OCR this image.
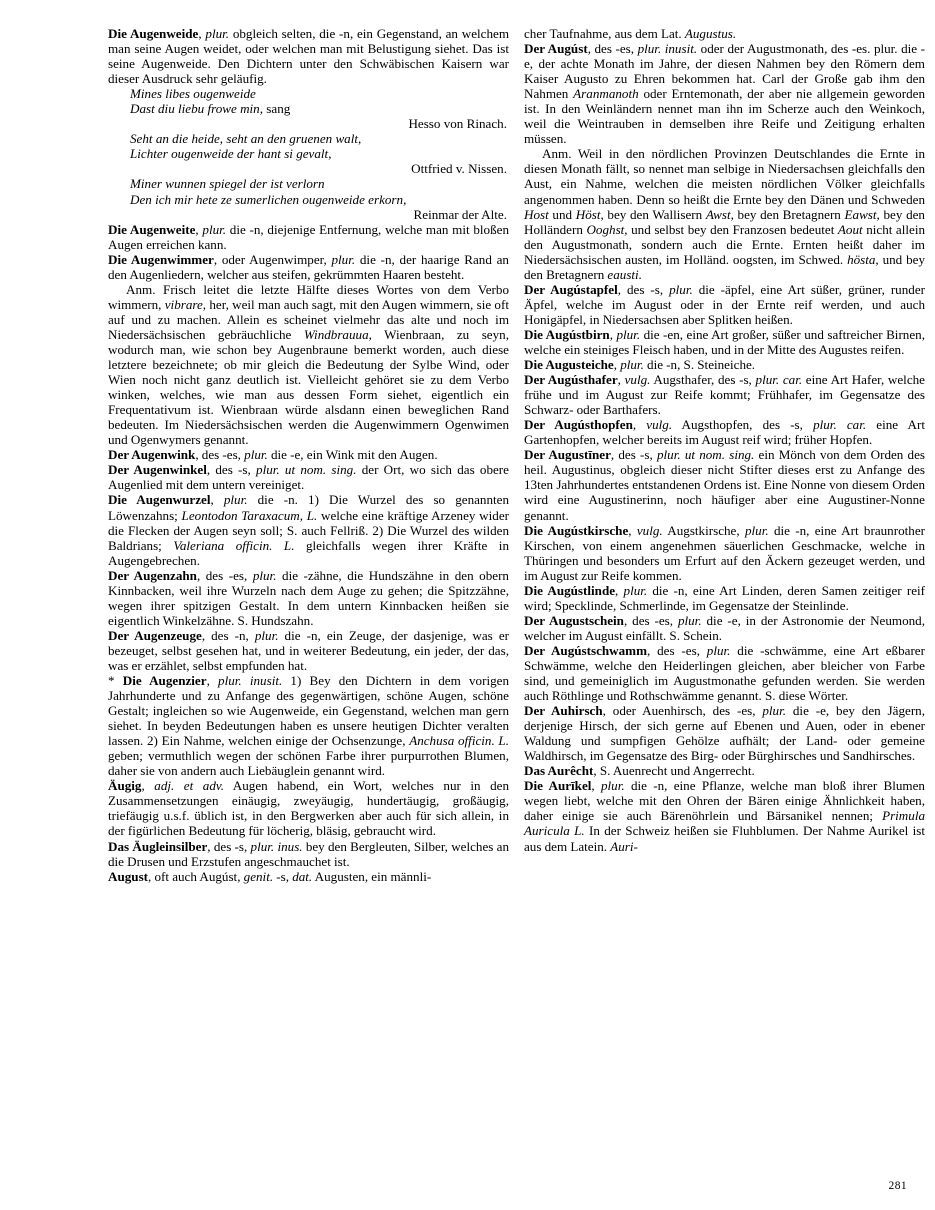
Die Augenweide, plur. obgleich selten, die -n, ein Gegenstand, an welchem man seine Augen weidet, oder welchen man mit Belustigung siehet. Das ist seine Augenweide. Den Dichtern unter den Schwäbischen Kaisern war dieser Ausdruck sehr geläufig.
Mines libes ougenweide
Dast diu liebu frowe min, sang
Hesso von Rinach.
Seht an die heide, seht an den gruenen walt,
Lichter ougenweide der hant si gevalt,
Ottfried v. Nissen.
Miner wunnen spiegel der ist verlorn
Den ich mir hete ze sumerlichen ougenweide erkorn,
Reinmar der Alte.
Die Augenweite, plur. die -n, diejenige Entfernung, welche man mit bloßen Augen erreichen kann.
Die Augenwimmer, oder Augenwimper, plur. die -n, der haarige Rand an den Augenliedern, welcher aus steifen, gekrümmten Haaren besteht.
Anm. Frisch leitet die letzte Hälfte dieses Wortes von dem Verbo wimmern, vibrare, her, weil man auch sagt, mit den Augen wimmern, sie oft auf und zu machen. Allein es scheinet vielmehr das alte und noch im Niedersächsischen gebräuchliche Windbrauua, Wienbraan, zu seyn, wodurch man, wie schon bey Augenbraune bemerkt worden, auch diese letztere bezeichnete; ob mir gleich die Bedeutung der Sylbe Wind, oder Wien noch nicht ganz deutlich ist. Vielleicht gehöret sie zu dem Verbo winken, welches, wie man aus dessen Form siehet, eigentlich ein Frequentativum ist. Wienbraan würde alsdann einen beweglichen Rand bedeuten. Im Niedersächsischen werden die Augenwimmern Ogenwimen und Ogenwymers genannt.
Der Augenwink, des -es, plur. die -e, ein Wink mit den Augen.
Der Augenwinkel, des -s, plur. ut nom. sing. der Ort, wo sich das obere Augenlied mit dem untern vereiniget.
Die Augenwurzel, plur. die -n. 1) Die Wurzel des so genannten Löwenzahns; Leontodon Taraxacum, L. welche eine kräftige Arzeney wider die Flecken der Augen seyn soll; S. auch Fellriß. 2) Die Wurzel des wilden Baldrians; Valeriana officin. L. gleichfalls wegen ihrer Kräfte in Augengebrechen.
Der Augenzahn, des -es, plur. die -zähne, die Hundszähne in den obern Kinnbacken, weil ihre Wurzeln nach dem Auge zu gehen; die Spitzzähne, wegen ihrer spitzigen Gestalt. In dem untern Kinnbacken heißen sie eigentlich Winkelzähne. S. Hundszahn.
Der Augenzeuge, des -n, plur. die -n, ein Zeuge, der dasjenige, was er bezeuget, selbst gesehen hat, und in weiterer Bedeutung, ein jeder, der das, was er erzählet, selbst empfunden hat.
* Die Augenzier, plur. inusit. 1) Bey den Dichtern in dem vorigen Jahrhunderte und zu Anfange des gegenwärtigen, schöne Augen, schöne Gestalt; ingleichen so wie Augenweide, ein Gegenstand, welchen man gern siehet. In beyden Bedeutungen haben es unsere heutigen Dichter veralten lassen. 2) Ein Nahme, welchen einige der Ochsenzunge, Anchusa officin. L. geben; vermuthlich wegen der schönen Farbe ihrer purpurrothen Blumen, daher sie von andern auch Liebäuglein genannt wird.
Äugig, adj. et adv. Augen habend, ein Wort, welches nur in den Zusammensetzungen einäugig, zweyäugig, hundertäugig, großäugig, triefäugig u.s.f. üblich ist, in den Bergwerken aber auch für sich allein, in der figürlichen Bedeutung für löcherig, bläsig, gebraucht wird.
Das Äugleinsilber, des -s, plur. inus. bey den Bergleuten, Silber, welches an die Drusen und Erzstufen angeschmauchet ist.
August, oft auch Augúst, genit. -s, dat. Augusten, ein männli-
cher Taufnahme, aus dem Lat. Augustus.
Der Augúst, des -es, plur. inusit. oder der Augustmonath, des -es. plur. die -e, der achte Monath im Jahre, der diesen Nahmen bey den Römern dem Kaiser Augusto zu Ehren bekommen hat. Carl der Große gab ihm den Nahmen Aranmanoth oder Erntemonath, der aber nie allgemein geworden ist. In den Weinländern nennet man ihn im Scherze auch den Weinkoch, weil die Weintrauben in demselben ihre Reife und Zeitigung erhalten müssen.
Anm. Weil in den nördlichen Provinzen Deutschlandes die Ernte in diesen Monath fällt, so nennet man selbige in Niedersachsen gleichfalls den Aust, ein Nahme, welchen die meisten nördlichen Völker gleichfalls angenommen haben. Denn so heißt die Ernte bey den Dänen und Schweden Host und Höst, bey den Wallisern Awst, bey den Bretagnern Eawst, bey den Holländern Ooghst, und selbst bey den Franzosen bedeutet Aout nicht allein den Augustmonath, sondern auch die Ernte. Ernten heißt daher im Niedersächsischen austen, im Holländ. oogsten, im Schwed. hösta, und bey den Bretagnern eausti.
Der Augústapfel, des -s, plur. die -äpfel, eine Art süßer, grüner, runder Äpfel, welche im August oder in der Ernte reif werden, und auch Honigäpfel, in Niedersachsen aber Splitken heißen.
Die Augústbirn, plur. die -en, eine Art großer, süßer und saftreicher Birnen, welche ein steiniges Fleisch haben, und in der Mitte des Augustes reifen.
Die Augusteiche, plur. die -n, S. Steineiche.
Der Augústhafer, vulg. Augsthafer, des -s, plur. car. eine Art Hafer, welche frühe und im August zur Reife kommt; Frühhafer, im Gegensatze des Schwarz- oder Barthafers.
Der Augústhopfen, vulg. Augsthopfen, des -s, plur. car. eine Art Gartenhopfen, welcher bereits im August reif wird; früher Hopfen.
Der Augustīner, des -s, plur. ut nom. sing. ein Mönch von dem Orden des heil. Augustinus, obgleich dieser nicht Stifter dieses erst zu Anfange des 13ten Jahrhundertes entstandenen Ordens ist. Eine Nonne von diesem Orden wird eine Augustinerinn, noch häufiger aber eine Augustiner-Nonne genannt.
Die Augústkirsche, vulg. Augstkirsche, plur. die -n, eine Art braunrother Kirschen, von einem angenehmen säuerlichen Geschmacke, welche in Thüringen und besonders um Erfurt auf den Äckern gezeuget werden, und im August zur Reife kommen.
Die Augústlinde, plur. die -n, eine Art Linden, deren Samen zeitiger reif wird; Specklinde, Schmerlinde, im Gegensatze der Steinlinde.
Der Augustschein, des -es, plur. die -e, in der Astronomie der Neumond, welcher im August einfällt. S. Schein.
Der Augústschwamm, des -es, plur. die -schwämme, eine Art eßbarer Schwämme, welche den Heiderlingen gleichen, aber bleicher von Farbe sind, und gemeiniglich im Augustmonathe gefunden werden. Sie werden auch Röthlinge und Rothschwämme genannt. S. diese Wörter.
Der Auhirsch, oder Auenhirsch, des -es, plur. die -e, bey den Jägern, derjenige Hirsch, der sich gerne auf Ebenen und Auen, oder in ebener Waldung und sumpfigen Gehölze aufhält; der Land- oder gemeine Waldhirsch, im Gegensatze des Birg- oder Bürghirsches und Sandhirsches.
Das Aurêcht, S. Auenrecht und Angerrecht.
Die Aurīkel, plur. die -n, eine Pflanze, welche man bloß ihrer Blumen wegen liebt, welche mit den Ohren der Bären einige Ähnlichkeit haben, daher einige sie auch Bärenöhrlein und Bärsanikel nennen; Primula Auricula L. In der Schweiz heißen sie Fluhblumen. Der Nahme Aurikel ist aus dem Latein. Auri-
281
